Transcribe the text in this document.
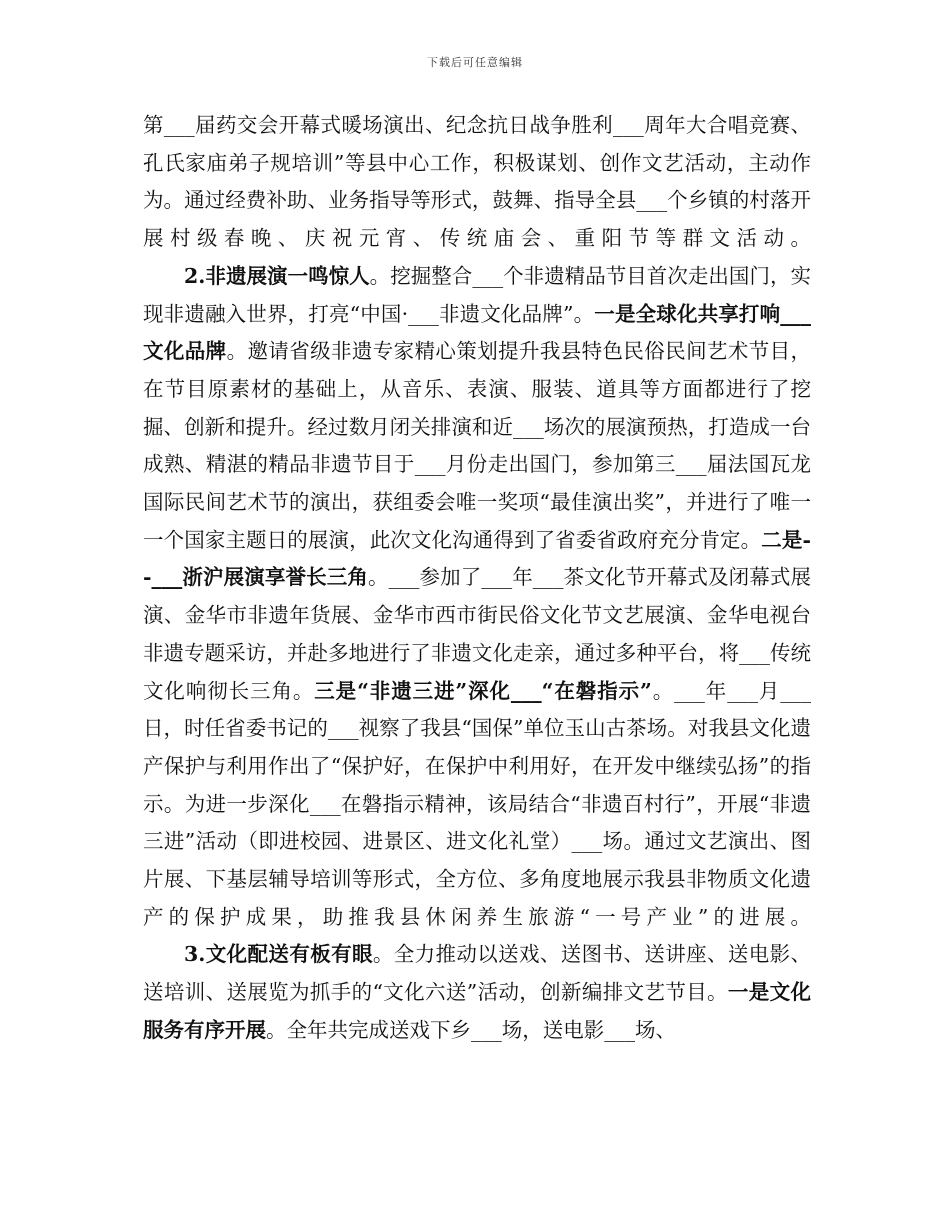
下载后可任意编辑

第___届药交会开幕式暖场演出、纪念抗日战争胜利___周年大合唱竞赛、孔氏家庙弟子规培训”等县中心工作，积极谋划、创作文艺活动，主动作为。通过经费补助、业务指导等形式，鼓舞、指导全县___个乡镇的村落开展村级春晚、庆祝元宵、传统庙会、重阳节等群文活动。

2.非遗展演一鸣惊人。挖掘整合___个非遗精品节目首次走出国门，实现非遗融入世界，打亮“中国·___非遗文化品牌”。一是全球化共享打响___文化品牌。邀请省级非遗专家精心策划提升我县特色民俗民间艺术节目，在节目原素材的基础上，从音乐、表演、服装、道具等方面都进行了挖掘、创新和提升。经过数月闭关排演和近___场次的展演预热，打造成一台成熟、精湛的精品非遗节目于___月份走出国门，参加第三___届法国瓦龙国际民间艺术节的演出，获组委会唯一奖项“最佳演出奖”，并进行了唯一一个国家主题日的展演，此次文化沟通得到了省委省政府充分肯定。二是--___浙沪展演享誉长三角。___参加了___年___茶文化节开幕式及闭幕式展演、金华市非遗年货展、金华市西市街民俗文化节文艺展演、金华电视台非遗专题采访，并赴多地进行了非遗文化走亲，通过多种平台，将___传统文化响彻长三角。三是“非遗三进”深化___“在磐指示”。___年___月___日，时任省委书记的___视察了我县“国保”单位玉山古茶场。对我县文化遗产保护与利用作出了“保护好，在保护中利用好，在开发中继续弘扬”的指示。为进一步深化___在磐指示精神，该局结合“非遗百村行”，开展“非遗三进”活动（即进校园、进景区、进文化礼堂）___场。通过文艺演出、图片展、下基层辅导培训等形式，全方位、多角度地展示我县非物质文化遗产的保护成果，助推我县休闲养生旅游“一号产业”的进展。

3.文化配送有板有眼。全力推动以送戏、送图书、送讲座、送电影、送培训、送展览为抓手的“文化六送”活动，创新编排文艺节目。一是文化服务有序开展。全年共完成送戏下乡___场，送电影___场、
